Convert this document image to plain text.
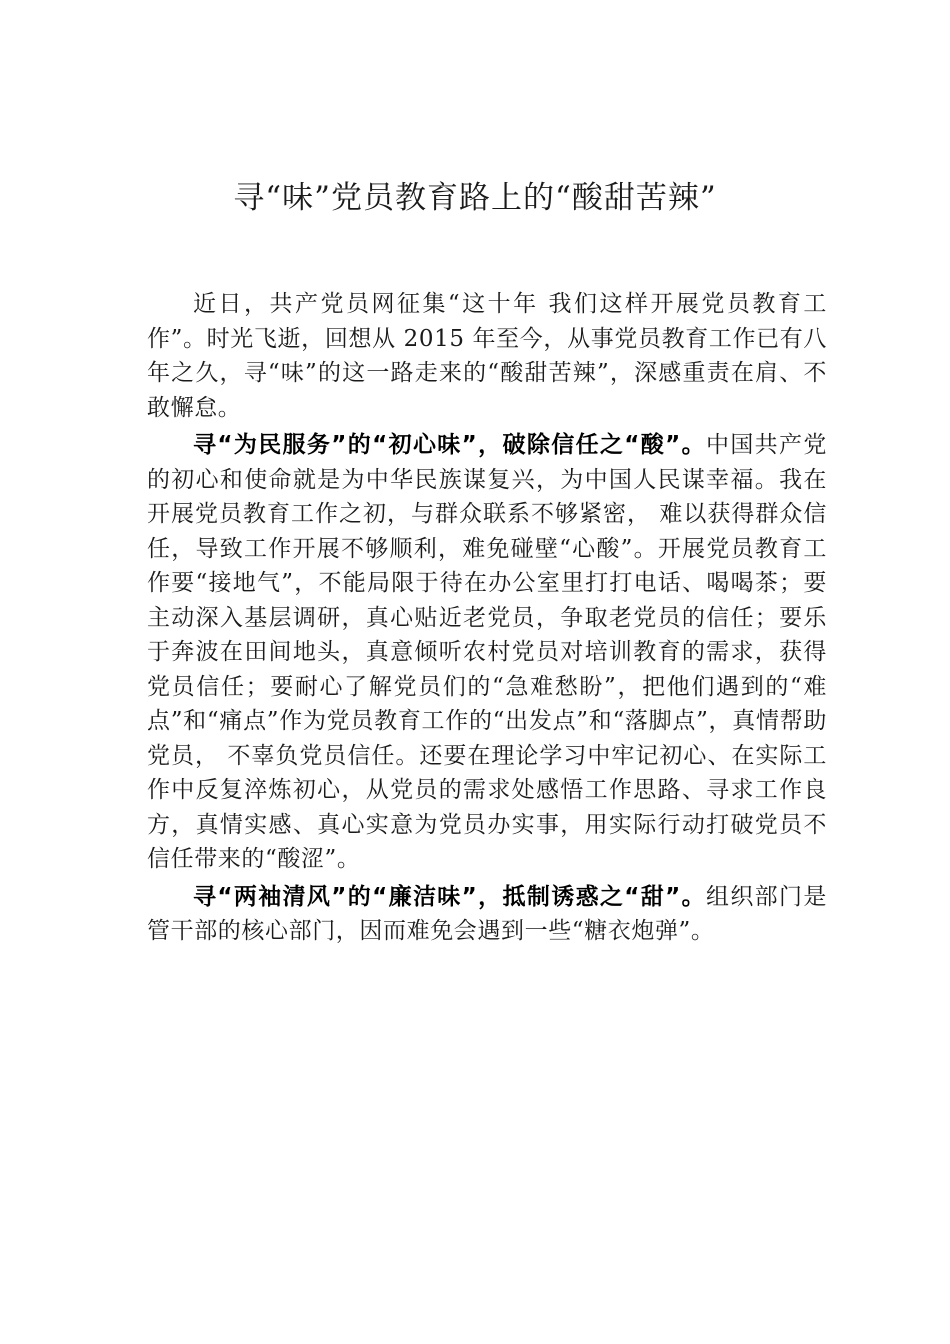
寻“味”党员教育路上的“酸甜苦辣”

近日，共产党员网征集“这十年 我们这样开展党员教育工作”。时光飞逝，回想从 2015 年至今，从事党员教育工作已有八年之久，寻“味”的这一路走来的“酸甜苦辣”，深感重责在肩、不敢懈怠。

寻“为民服务”的“初心味”，破除信任之“酸”。中国共产党的初心和使命就是为中华民族谋复兴，为中国人民谋幸福。我在开展党员教育工作之初，与群众联系不够紧密， 难以获得群众信任，导致工作开展不够顺利，难免碰壁“心酸”。开展党员教育工作要“接地气”，不能局限于待在办公室里打打电话、喝喝茶；要主动深入基层调研，真心贴近老党员，争取老党员的信任；要乐于奔波在田间地头，真意倾听农村党员对培训教育的需求，获得党员信任；要耐心了解党员们的“急难愁盼”，把他们遇到的“难点”和“痛点”作为党员教育工作的“出发点”和“落脚点”，真情帮助党员， 不辜负党员信任。还要在理论学习中牢记初心、在实际工作中反复淬炼初心，从党员的需求处感悟工作思路、寻求工作良方，真情实感、真心实意为党员办实事，用实际行动打破党员不信任带来的“酸涩”。

寻“两袖清风”的“廉洁味”，抵制诱惑之“甜”。组织部门是管干部的核心部门，因而难免会遇到一些“糖衣炮弹”。
